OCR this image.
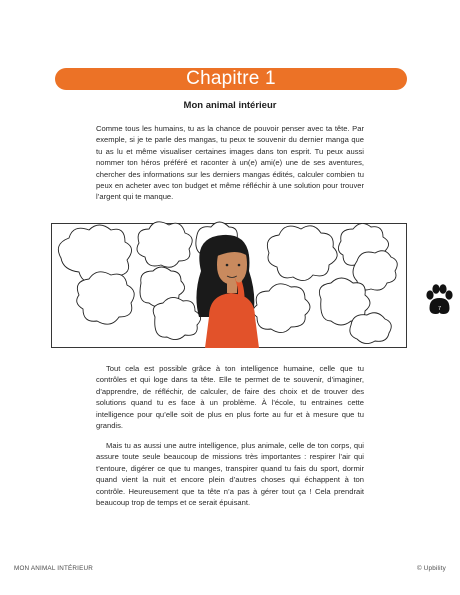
Chapitre 1
Mon animal intérieur

Comme tous les humains, tu as la chance de pouvoir penser avec ta tête. Par exemple, si je te parle des mangas, tu peux te souvenir du dernier manga que tu as lu et même visualiser certaines images dans ton esprit. Tu peux aussi nommer ton héros préféré et raconter à un(e) ami(e) une de ses aventures, chercher des informations sur les derniers mangas édités, calculer combien tu peux en acheter avec ton budget et même réfléchir à une solution pour trouver l’argent qui te manque.

7

Tout cela est possible grâce à ton intelligence humaine, celle que tu contrôles et qui loge dans ta tête. Elle te permet de te souvenir, d’imaginer, d’apprendre, de réfléchir, de calculer, de faire des choix et de trouver des solutions quand tu es face à un problème. À l’école, tu entraines cette intelligence pour qu’elle soit de plus en plus forte au fur et à mesure que tu grandis.

Mais tu as aussi une autre intelligence, plus animale, celle de ton corps, qui assure toute seule beaucoup de missions très importantes : respirer l’air qui t’entoure, digérer ce que tu manges, transpirer quand tu fais du sport, dormir quand vient la nuit et encore plein d’autres choses qui échappent à ton contrôle. Heureusement que ta tête n’a pas à gérer tout ça ! Cela prendrait beaucoup trop de temps et ce serait épuisant.

MON ANIMAL INTÉRIEUR	© Upbility
